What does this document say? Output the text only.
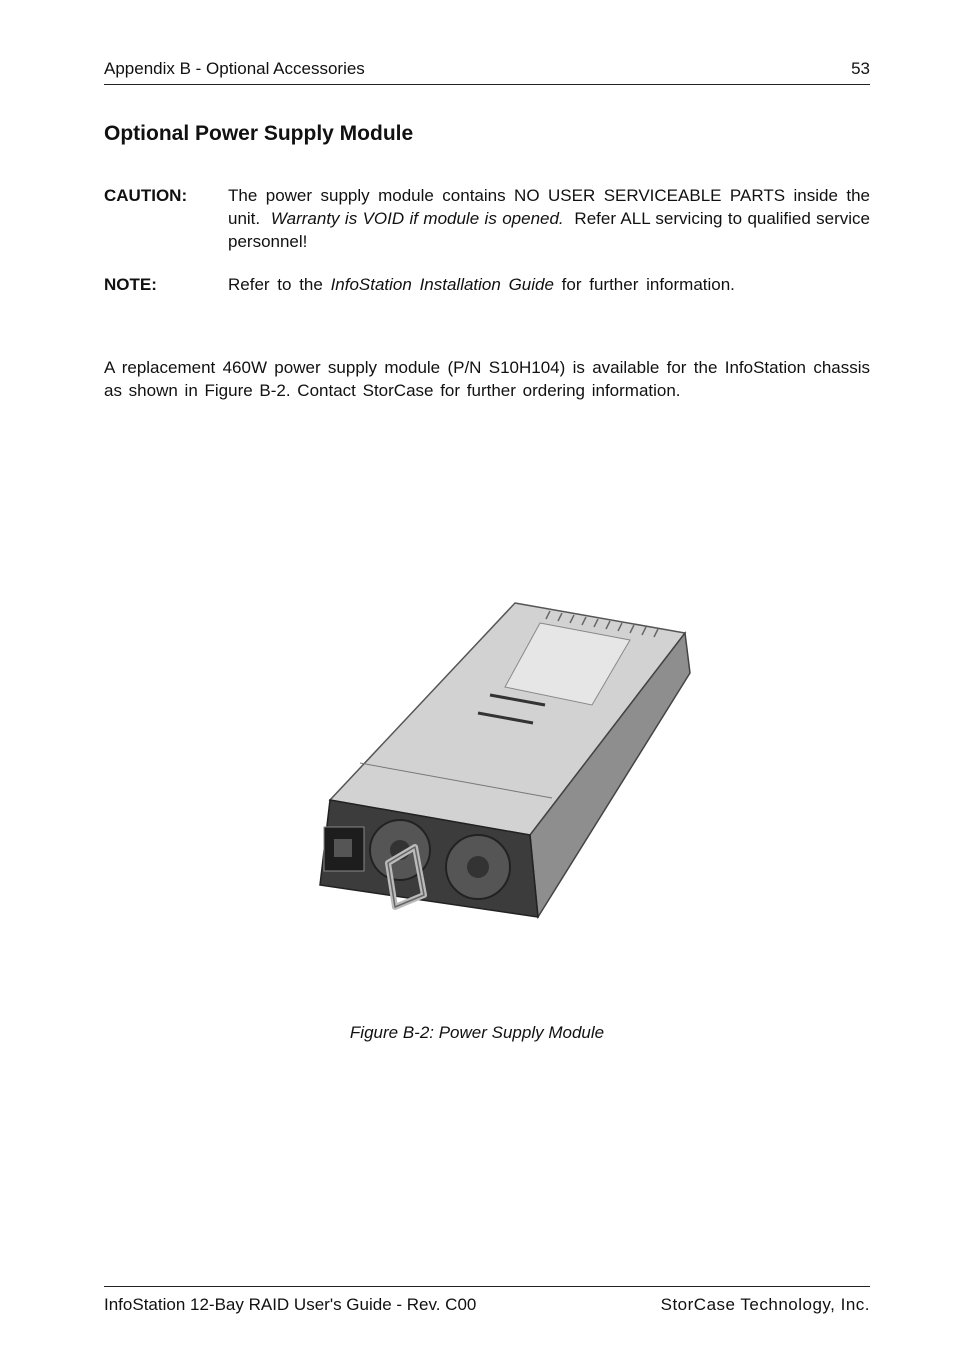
Appendix B - Optional Accessories	53
Optional Power Supply Module
CAUTION: The power supply module contains NO USER SERVICEABLE PARTS inside the unit. Warranty is VOID if module is opened. Refer ALL servicing to qualified service personnel!
NOTE:	Refer to the InfoStation Installation Guide for further information.

A replacement 460W power supply module (P/N S10H104) is available for the InfoStation chassis as shown in Figure B-2. Contact StorCase for further ordering information.

Figure B-2: Power Supply Module
InfoStation 12-Bay RAID User's Guide - Rev. C00	StorCase Technology, Inc.
